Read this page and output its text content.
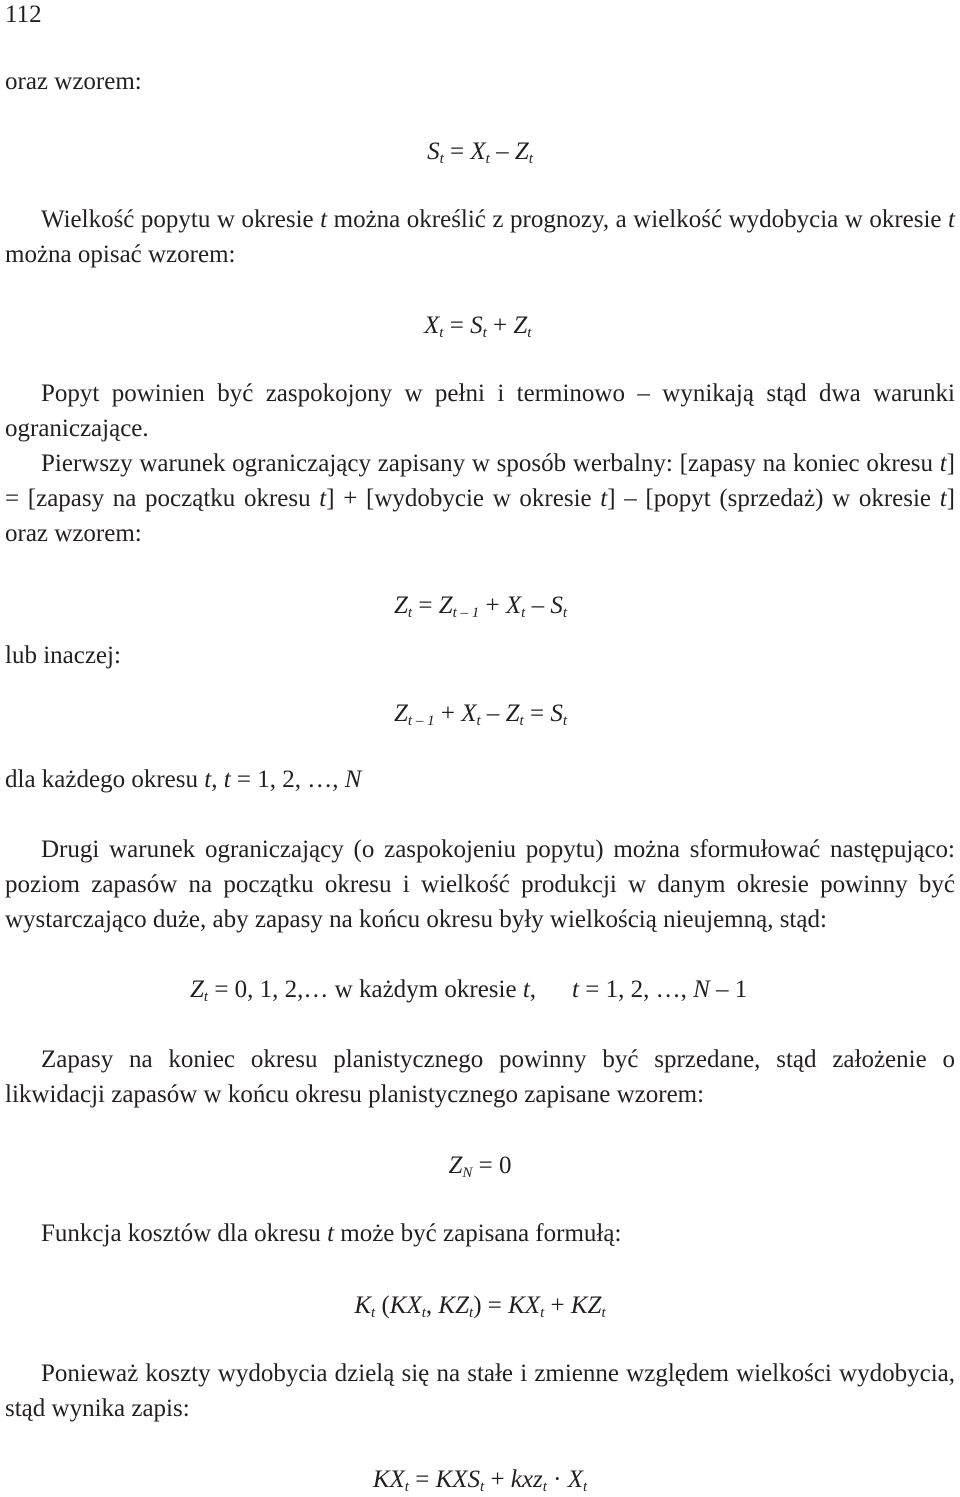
112

oraz wzorem:

$S_t = X_t - Z_t$

Wielkość popytu w okresie t można określić z prognozy, a wielkość wydobycia w okresie t można opisać wzorem:

$X_t = S_t + Z_t$

Popyt powinien być zaspokojony w pełni i terminowo – wynikają stąd dwa warunki ograniczające.

Pierwszy warunek ograniczający zapisany w sposób werbalny: [zapasy na koniec okresu t] = [zapasy na początku okresu t] + [wydobycie w okresie t] – [popyt (sprzedaż) w okresie t] oraz wzorem:

$Z_t = Z_{t - 1} + X_t - S_t$
lub inaczej:
$Z_{t - 1} + X_t - Z_t = S_t$
dla każdego okresu t, t = 1, 2, …, N

Drugi warunek ograniczający (o zaspokojeniu popytu) można sformułować następująco: poziom zapasów na początku okresu i wielkość produkcji w danym okresie powinny być wystarczająco duże, aby zapasy na końcu okresu były wielkością nieujemną, stąd:

$Z_t = 0$, 1, 2,… w każdym okresie t, t = 1, 2, …, N – 1

Zapasy na koniec okresu planistycznego powinny być sprzedane, stąd założenie o likwidacji zapasów w końcu okresu planistycznego zapisane wzorem:

$Z_N = 0$

Funkcja kosztów dla okresu t może być zapisana formułą:

$K_t$ ($KX_t$, $KZ_t) = KX_t + KZ_t$

Ponieważ koszty wydobycia dzielą się na stałe i zmienne względem wielkości wydobycia, stąd wynika zapis:

$KX_t = KXS_t + kxz_t \cdot X_t$
